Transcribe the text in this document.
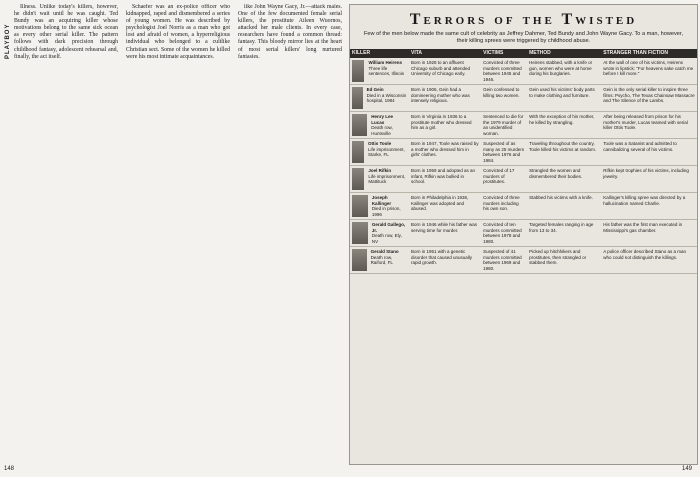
PLAYBOY
148	149

Illness. Unlike today's killers, however, he didn't wait until he was caught. Ted Bundy was an acquiring killer whose motivations belong to the same sick ocean as every other serial killer. The pattern follows with dark precision through childhood fantasy, adolescent rehearsal and, finally, the act itself.

Schaefer was an ex-police officer who kidnapped, raped and dismembered a series of young women. He was described by psychologist Joel Norris as a man who got lost and afraid of women, a hyperreligious individual who belonged to a cultlike Christian sect. Some of the women he killed were his most intimate acquaintances.

like John Wayne Gacy, Jr.—attack males. One of the few documented female serial killers, the prostitute Aileen Wuornos, attacked her male clients. In every case, researchers have found a common thread: fantasy. This bloody mirror lies at the heart of most serial killers' long nurtured fantasies.

Terrors of the Twisted
Few of the men below made the same cult of celebrity as Jeffrey Dahmer, Ted Bundy and John Wayne Gacy. To a man, however, their killing sprees were triggered by childhood abuse.
KILLER	VITA	VICTIMS	METHOD	STRANGER THAN FICTION

William Heirens
Three life sentences, Illinois	Born in 1928 to an affluent Chicago suburb and attended University of Chicago early.	Convicted of three murders committed between 1945 and 1946.	Heirens stabbed, with a knife or gun, women who were at home during his burglaries.	At the wall of one of his victims, Heirens wrote in lipstick: "For heavens sake catch me before I kill more."

Ed Gein
Died in a Wisconsin hospital, 1984	Born in 1906, Gein had a domineering mother who was intensely religious.	Gein confessed to killing two women.	Gein used his victims' body parts to make clothing and furniture.	Gein is the only serial killer to inspire three films: Psycho, The Texas Chainsaw Massacre and The Silence of the Lambs.

Henry Lee Lucas
Death row, Huntsville	Born in Virginia in 1936 to a prostitute mother who dressed him as a girl.	Sentenced to die for the 1979 murder of an unidentified woman.	With the exception of his mother, he killed by strangling.	After being released from prison for his mother's murder, Lucas teamed with serial killer Ottis Toole.

Ottis Toole
Life imprisonment, Starke, FL	Born in 1947, Toole was raised by a mother who dressed him in girls' clothes.	Suspected of as many as 25 murders between 1976 and 1984.	Traveling throughout the country, Toole killed his victims at random.	Toole was a Satanist and admitted to cannibalizing several of his victims.

Joel Rifkin
Life imprisonment, Mattituck	Born in 1959 and adopted as an infant, Rifkin was bullied in school.	Convicted of 17 murders of prostitutes.	Strangled the women and dismembered their bodies.	Rifkin kept trophies of his victims, including jewelry.

Joseph Kallinger
Died in prison, 1996	Born in Philadelphia in 1936, Kallinger was adopted and abused.	Convicted of three murders including his own son.	Stabbed his victims with a knife.	Kallinger's killing spree was directed by a hallucination named Charlie.

Gerald Gallego, Jr.
Death row, Ely, NV	Born in 1946 while his father was serving time for murder.	Convicted of ten murders committed between 1978 and 1980.	Targeted females ranging in age from 13 to 34.	His father was the first man executed in Mississippi's gas chamber.

Gerald Stano
Death row, Raiford, FL	Born in 1951 with a genetic disorder that caused unusually rapid growth.	Suspected of 41 murders committed between 1969 and 1980.	Picked up hitchhikers and prostitutes, then strangled or stabbed them.	A police officer described Stano as a man who could not distinguish the killings.
